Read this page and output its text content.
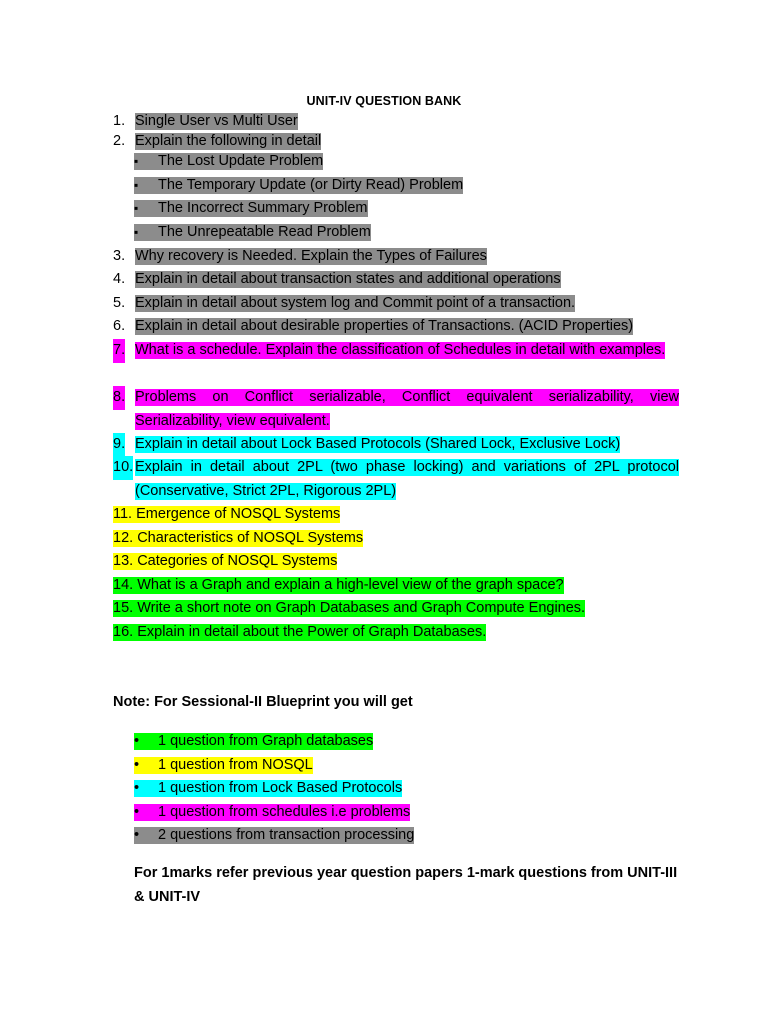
UNIT-IV QUESTION BANK
1. Single User vs Multi User
2. Explain the following in detail
▪ The Lost Update Problem
▪ The Temporary Update (or Dirty Read) Problem
▪ The Incorrect Summary Problem
▪ The Unrepeatable Read Problem
3. Why recovery is Needed. Explain the Types of Failures
4. Explain in detail about transaction states and additional operations
5. Explain in detail about system log and Commit point of a transaction.
6. Explain in detail about desirable properties of Transactions. (ACID Properties)
7. What is a schedule. Explain the classification of Schedules in detail with examples.
8. Problems on Conflict serializable, Conflict equivalent serializability, view Serializability, view equivalent.
9. Explain in detail about Lock Based Protocols (Shared Lock, Exclusive Lock)
10. Explain in detail about 2PL (two phase locking) and variations of 2PL protocol (Conservative, Strict 2PL, Rigorous 2PL)
11. Emergence of NOSQL Systems
12. Characteristics of NOSQL Systems
13. Categories of NOSQL Systems
14. What is a Graph and explain a high-level view of the graph space?
15. Write a short note on Graph Databases and Graph Compute Engines.
16. Explain in detail about the Power of Graph Databases.
Note: For Sessional-II Blueprint you will get
• 1 question from Graph databases
• 1 question from NOSQL
• 1 question from Lock Based Protocols
• 1 question from schedules i.e problems
• 2 questions from transaction processing
For 1marks refer previous year question papers 1-mark questions from UNIT-III & UNIT-IV
